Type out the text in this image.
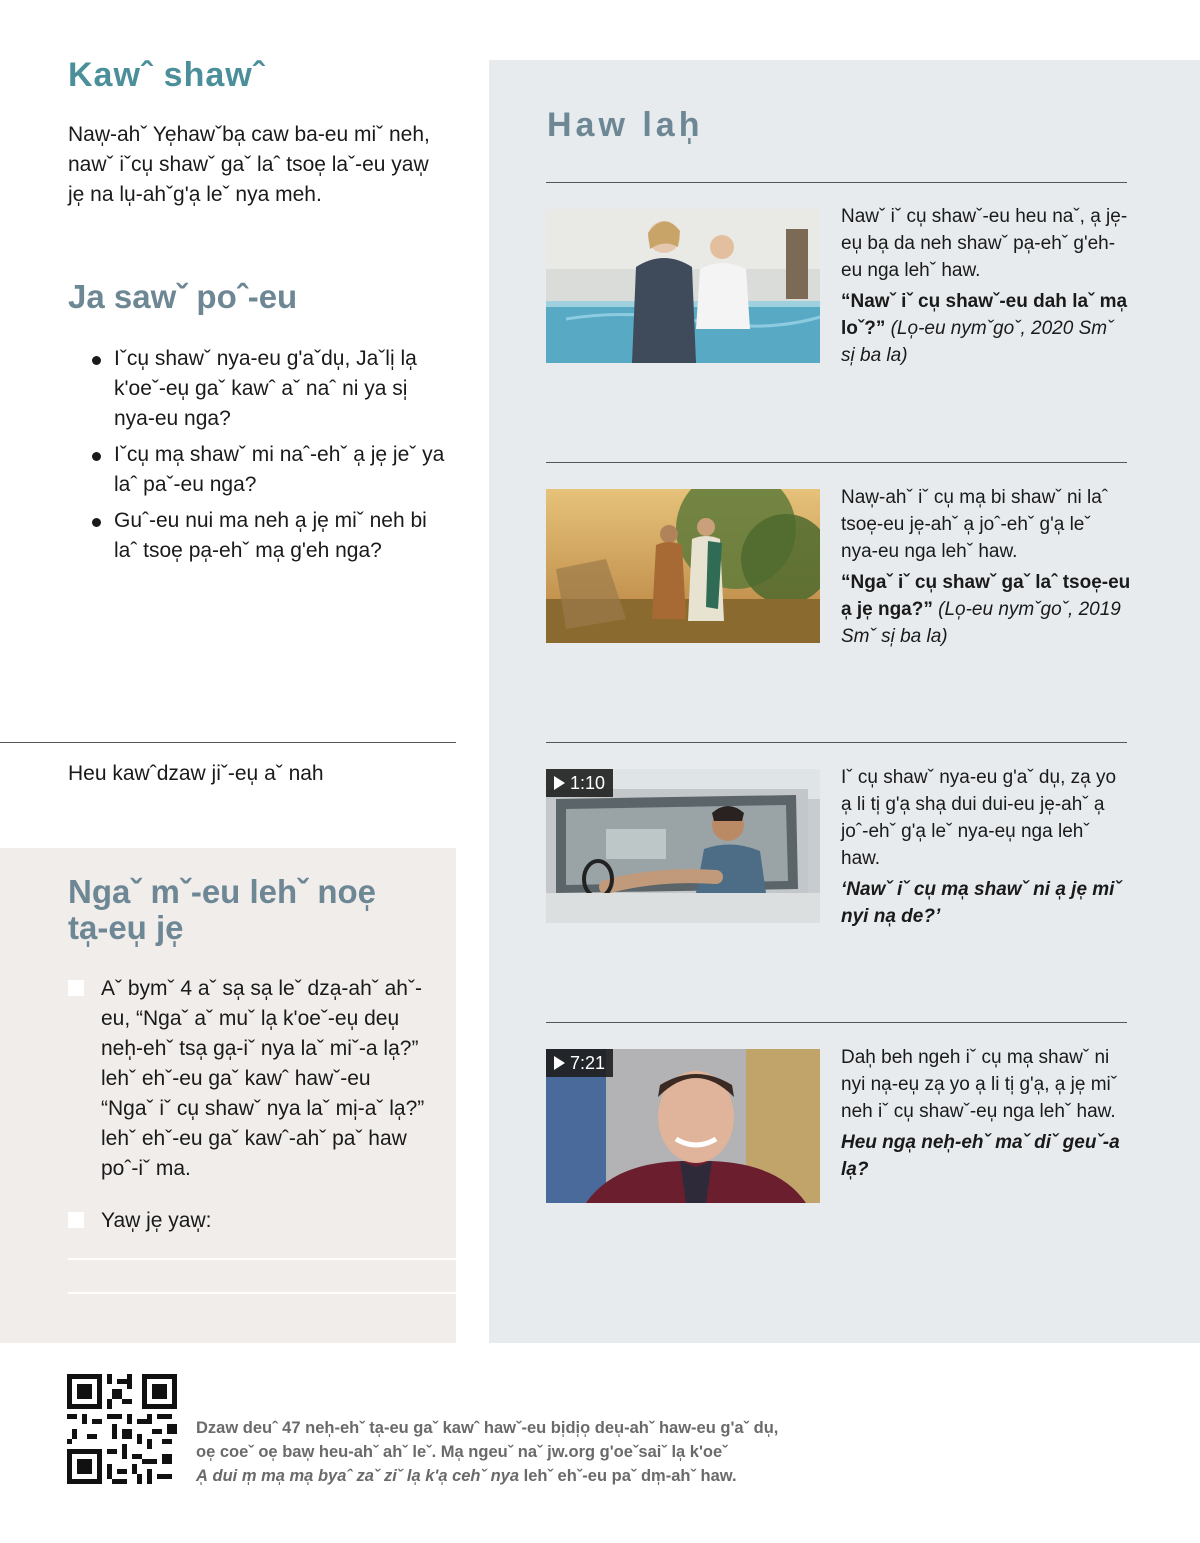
Kawˆ shawˆ

Naw̩-ahˇ Ye̩hawˇba̩ caw ba-eu miˇ neh, nawˇ iˇcu̩ shawˇ gaˇ laˆ tsoe̩ laˇ-eu yaw̩ je̩ na lu̩-ahˇg'a̩ leˇ nya meh.

Ja sawˇ poˆ-eu
Iˇcu̩ shawˇ nya-eu g'aˇdu̩, Jaˇli̩ la̩ k'oeˇ-eu̩ gaˇ kawˆ aˇ naˆ ni ya si̩ nya-eu nga?
Iˇcu̩ ma̩ shawˇ mi naˆ-ehˇ a̩ je̩ jeˇ ya laˆ paˇ-eu nga?
Guˆ-eu nui ma neh a̩ je̩ miˇ neh bi laˆ tsoe̩ pa̩-ehˇ ma̩ g'eh nga?
Heu kawˆdzaw jiˇ-eu̩ aˇ nah
Ngaˇ mˇ-eu lehˇ noe̩ ta̩-eu̩ je̩
Aˇ bymˇ 4 aˇ sa̩ sa̩ leˇ dza̩-ahˇ ahˇ-eu, “Ngaˇ aˇ muˇ la̩ k'oeˇ-eu̩ deu̩ neh̩-ehˇ tsa̩ ga̩-iˇ nya laˇ miˇ-a la̩?” lehˇ ehˇ-eu gaˇ kawˆ hawˇ-eu “Ngaˇ iˇ cu̩ shawˇ nya laˇ mi̩-aˇ la̩?” lehˇ ehˇ-eu gaˇ kawˆ-ahˇ paˇ haw poˆ-iˇ ma.
Yaw̩ je̩ yaw̩:
Haw lah̩
Nawˇ iˇ cu̩ shawˇ-eu heu naˇ, a̩ je̩-eu̩ ba̩ da neh shawˇ pa̩-ehˇ g'eh-eu nga lehˇ haw.
“Nawˇ iˇ cu̩ shawˇ-eu dah laˇ ma̩ loˇ?” (Lo̩-eu nymˇgoˇ, 2020 Smˇ si̩ ba la)
Naw̩-ahˇ iˇ cu̩ ma̩ bi shawˇ ni laˆ tsoe̩-eu je̩-ahˇ a̩ joˆ-ehˇ g'a̩ leˇ nya-eu nga lehˇ haw.
“Ngaˇ iˇ cu̩ shawˇ gaˇ laˆ tsoe̩-eu a̩ je̩ nga?” (Lo̩-eu nymˇgoˇ, 2019 Smˇ si̩ ba la)
1:10	Iˇ cu̩ shawˇ nya-eu g'aˇ du̩, za̩ yo a̩ li ti̩ g'a̩ sha̩ dui dui-eu je̩-ahˇ a̩ joˆ-ehˇ g'a̩ leˇ nya-eu̩ nga lehˇ haw.
‘Nawˇ iˇ cu̩ ma̩ shawˇ ni a̩ je̩ miˇ nyi na̩ de?’
7:21	Dah̩ beh ngeh iˇ cu̩ ma̩ shawˇ ni nyi na̩-eu̩ za̩ yo a̩ li ti̩ g'a̩, a̩ je̩ miˇ neh iˇ cu̩ shawˇ-eu̩ nga lehˇ haw.
Heu nga̩ neh̩-ehˇ maˇ diˇ geuˇ-a la̩?
Dzaw deuˆ 47 neh̩-ehˇ ta̩-eu gaˇ kawˆ hawˇ-eu bi̩di̩o̩ deu̩-ahˇ haw-eu g'aˇ du̩,
oe̩ coeˇ oe̩ baw̩ heu-ahˇ ahˇ leˇ. Ma̩ ngeuˇ naˇ jw.org g'oeˇsaiˇ la̩ k'oeˇ
A̩ dui m̩ ma̩ ma̩ byaˆ zaˇ ziˇ la̩ k'a̩ cehˇ nya lehˇ ehˇ-eu paˇ dm̩-ahˇ haw.
